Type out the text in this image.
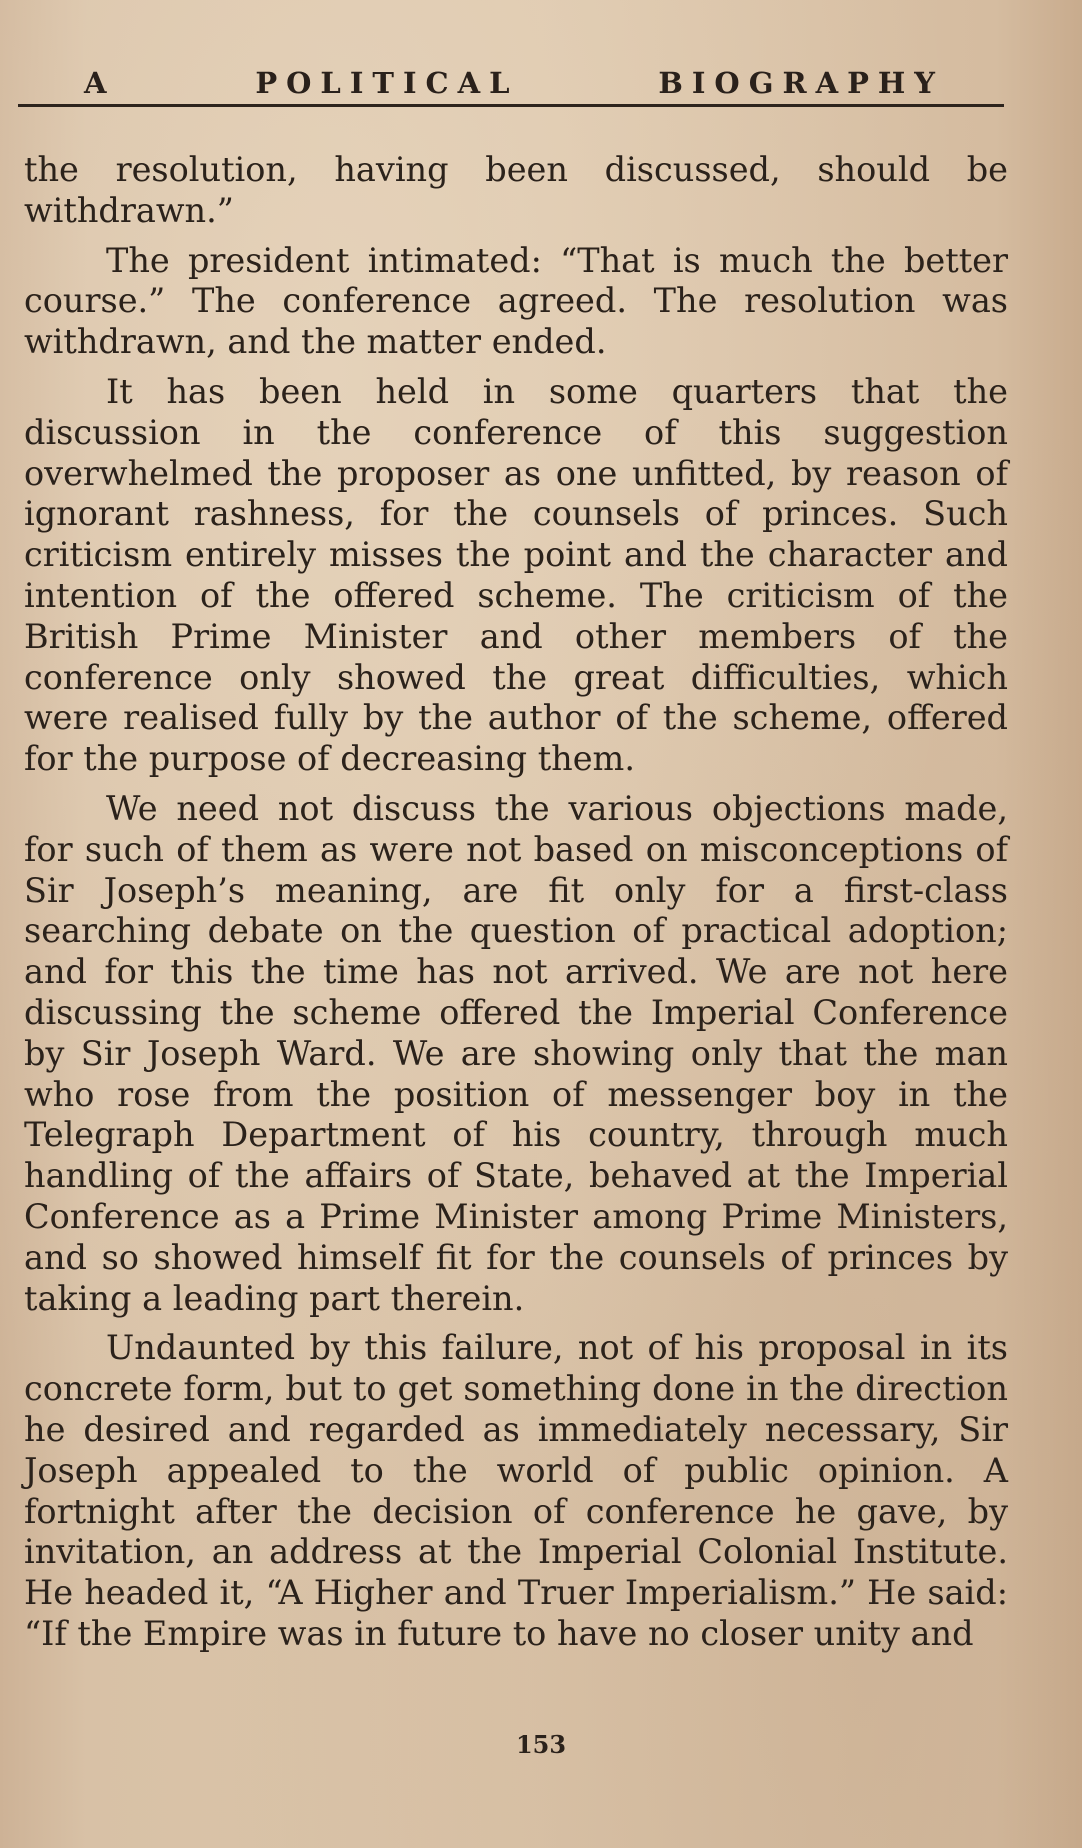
A	POLITICAL	BIOGRAPHY

the resolution, having been discussed, should be withdrawn.”

The president intimated: “That is much the better course.” The conference agreed. The resolution was withdrawn, and the matter ended.

It has been held in some quarters that the discussion in the conference of this suggestion overwhelmed the proposer as one unfitted, by reason of ignorant rashness, for the counsels of princes. Such criticism entirely misses the point and the character and intention of the offered scheme. The criticism of the British Prime Minister and other members of the conference only showed the great difficulties, which were realised fully by the author of the scheme, offered for the purpose of decreasing them.

We need not discuss the various objections made, for such of them as were not based on misconceptions of Sir Joseph’s meaning, are fit only for a first-class searching debate on the question of practical adoption; and for this the time has not arrived. We are not here discussing the scheme offered the Imperial Conference by Sir Joseph Ward. We are showing only that the man who rose from the position of messenger boy in the Telegraph Department of his country, through much handling of the affairs of State, behaved at the Imperial Conference as a Prime Minister among Prime Ministers, and so showed himself fit for the counsels of princes by taking a leading part therein.

Undaunted by this failure, not of his proposal in its concrete form, but to get something done in the direction he desired and regarded as immediately necessary, Sir Joseph appealed to the world of public opinion. A fortnight after the decision of conference he gave, by invitation, an address at the Imperial Colonial Institute. He headed it, “A Higher and Truer Imperialism.” He said: “If the Empire was in future to have no closer unity and

153
